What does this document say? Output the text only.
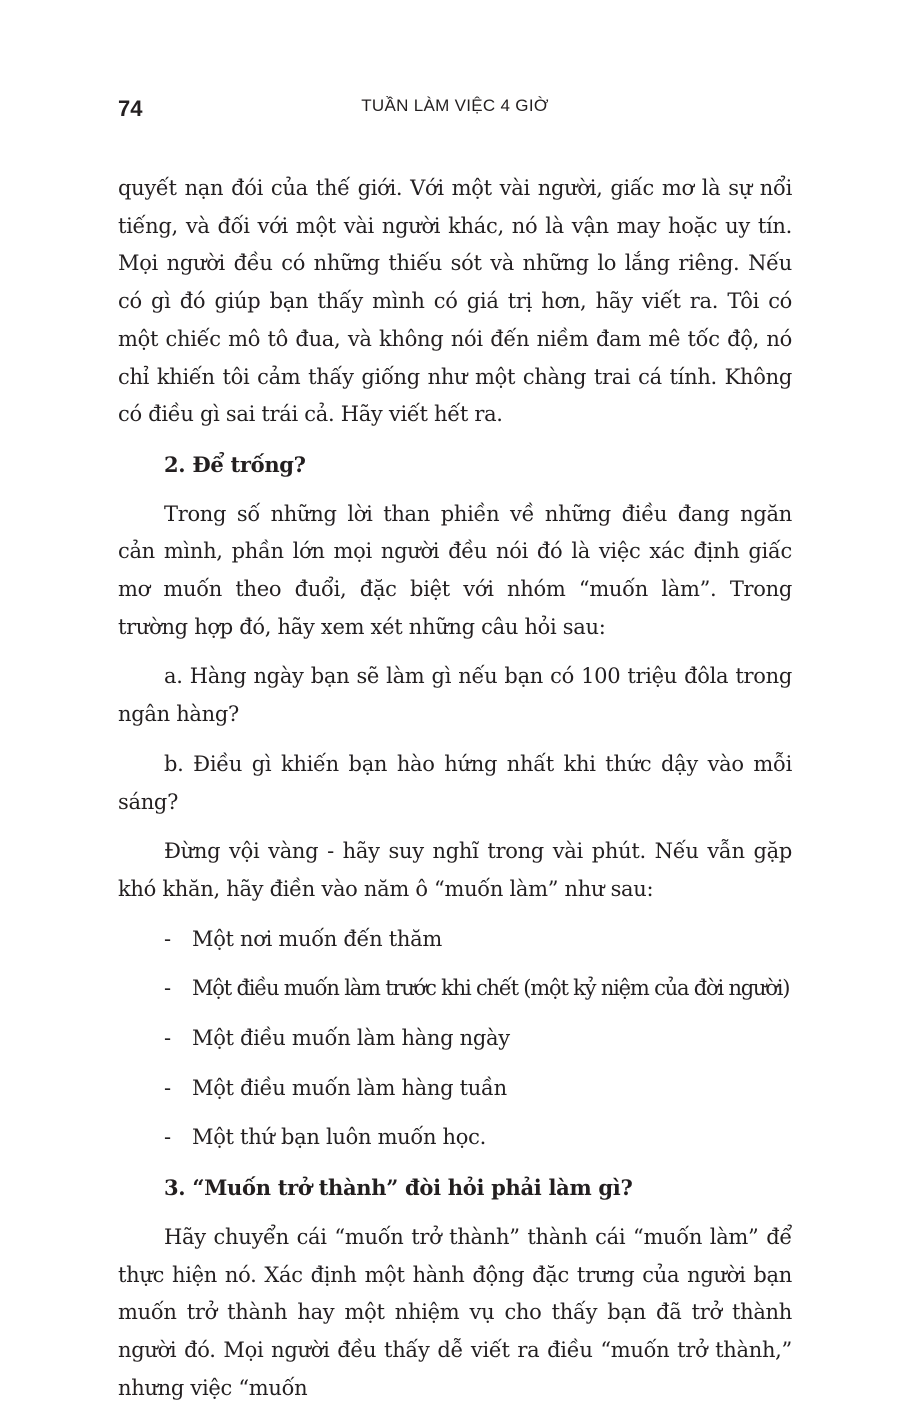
74	TUẦN LÀM VIỆC 4 GIỜ

quyết nạn đói của thế giới. Với một vài người, giấc mơ là sự nổi tiếng, và đối với một vài người khác, nó là vận may hoặc uy tín. Mọi người đều có những thiếu sót và những lo lắng riêng. Nếu có gì đó giúp bạn thấy mình có giá trị hơn, hãy viết ra. Tôi có một chiếc mô tô đua, và không nói đến niềm đam mê tốc độ, nó chỉ khiến tôi cảm thấy giống như một chàng trai cá tính. Không có điều gì sai trái cả. Hãy viết hết ra.

2. Để trống?

Trong số những lời than phiền về những điều đang ngăn cản mình, phần lớn mọi người đều nói đó là việc xác định giấc mơ muốn theo đuổi, đặc biệt với nhóm “muốn làm”. Trong trường hợp đó, hãy xem xét những câu hỏi sau:

a. Hàng ngày bạn sẽ làm gì nếu bạn có 100 triệu đôla trong ngân hàng?

b. Điều gì khiến bạn hào hứng nhất khi thức dậy vào mỗi sáng?

Đừng vội vàng - hãy suy nghĩ trong vài phút. Nếu vẫn gặp khó khăn, hãy điền vào năm ô “muốn làm” như sau:

- Một nơi muốn đến thăm
- Một điều muốn làm trước khi chết (một kỷ niệm của đời người)
- Một điều muốn làm hàng ngày
- Một điều muốn làm hàng tuần
- Một thứ bạn luôn muốn học.
3. “Muốn trở thành” đòi hỏi phải làm gì?

Hãy chuyển cái “muốn trở thành” thành cái “muốn làm” để thực hiện nó. Xác định một hành động đặc trưng của người bạn muốn trở thành hay một nhiệm vụ cho thấy bạn đã trở thành người đó. Mọi người đều thấy dễ viết ra điều “muốn trở thành,” nhưng việc “muốn
